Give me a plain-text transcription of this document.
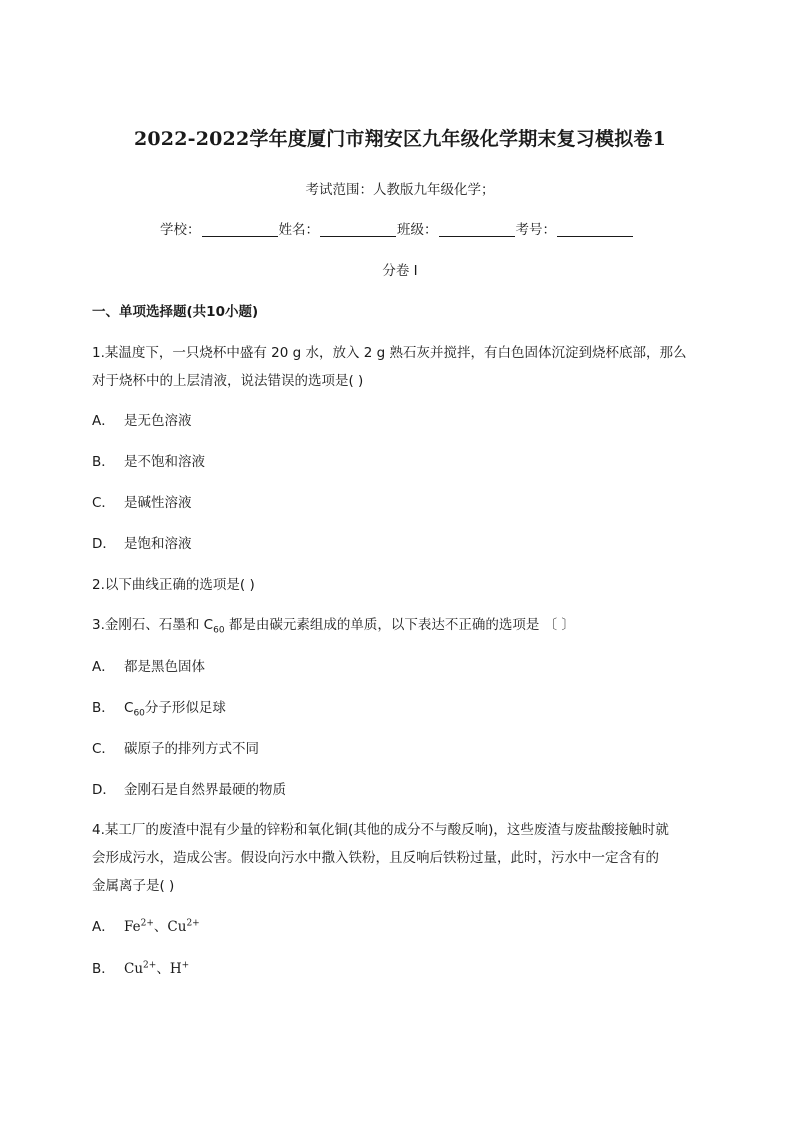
2022-2022学年度厦门市翔安区九年级化学期末复习模拟卷1
考试范围：人教版九年级化学；
学校：	姓名：	班级：	考号：
分卷 I
一、单项选择题(共10小题)
1.某温度下，一只烧杯中盛有 20 g 水，放入 2 g 熟石灰并搅拌，有白色固体沉淀到烧杯底部，那么
对于烧杯中的上层清液，说法错误的选项是( )
A． 是无色溶液
B． 是不饱和溶液
C． 是碱性溶液
D． 是饱和溶液
2.以下曲线正确的选项是( )
3.金刚石、石墨和 $C_{60}$ 都是由碳元素组成的单质，以下表达不正确的选项是 〔 〕
A． 都是黑色固体
B． $C_{60}$分子形似足球
C． 碳原子的排列方式不同
D． 金刚石是自然界最硬的物质
4.某工厂的废渣中混有少量的锌粉和氧化铜(其他的成分不与酸反响)，这些废渣与废盐酸接触时就
会形成污水，造成公害。假设向污水中撒入铁粉，且反响后铁粉过量，此时，污水中一定含有的
金属离子是( )
A． $Fe^{2+}$、$Cu^{2+}$
B． $Cu^{2+}$、H+
